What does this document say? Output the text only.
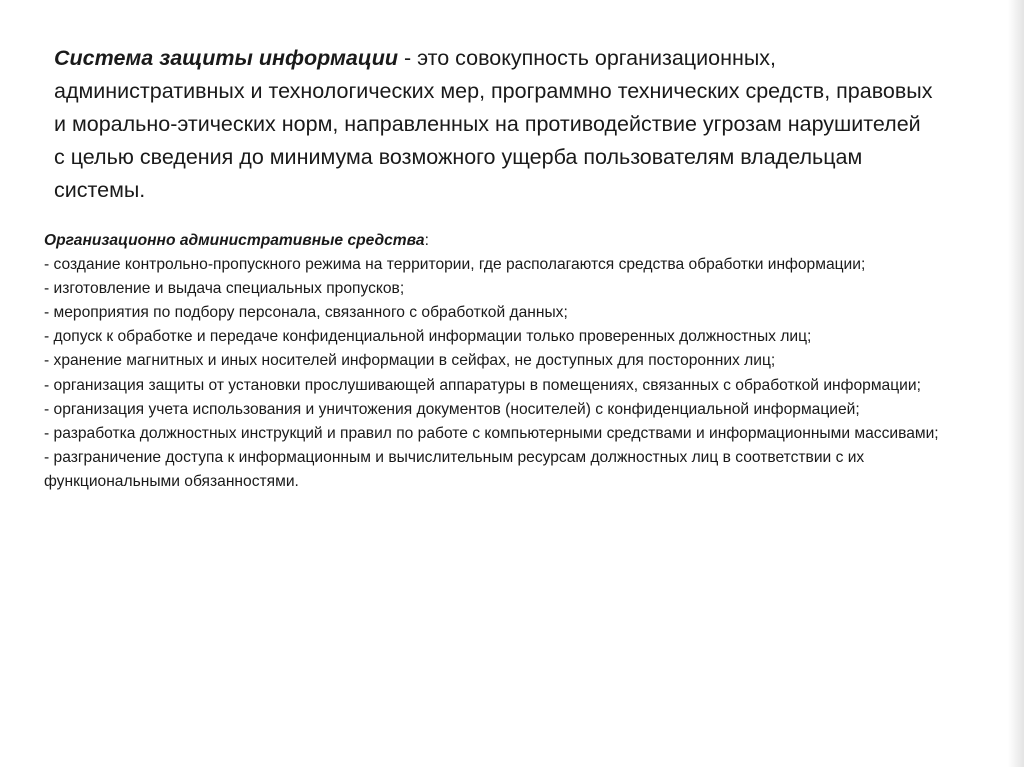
Система защиты информации - это совокупность организационных, административных и технологических мер, программно технических средств, правовых и морально-этических норм, направленных на противодействие угрозам нарушителей с целью сведения до минимума возможного ущерба пользователям владельцам системы.

Организационно административные средства:

- создание контрольно-пропускного режима на территории, где располагаются средства обработки информации;

- изготовление и выдача специальных пропусков;

- мероприятия по подбору персонала, связанного с обработкой данных;

- допуск к обработке и передаче конфиденциальной информации только проверенных должностных лиц;

- хранение магнитных и иных носителей информации в сейфах, не доступных для посторонних лиц;

- организация защиты от установки прослушивающей аппаратуры в помещениях, связанных с обработкой информации;

- организация учета использования и уничтожения документов (носителей) с конфиденциальной информацией;

- разработка должностных инструкций и правил по работе с компьютерными средствами и информационными массивами;

- разграничение доступа к информационным и вычислительным ресурсам должностных лиц в соответствии с их функциональными обязанностями.
